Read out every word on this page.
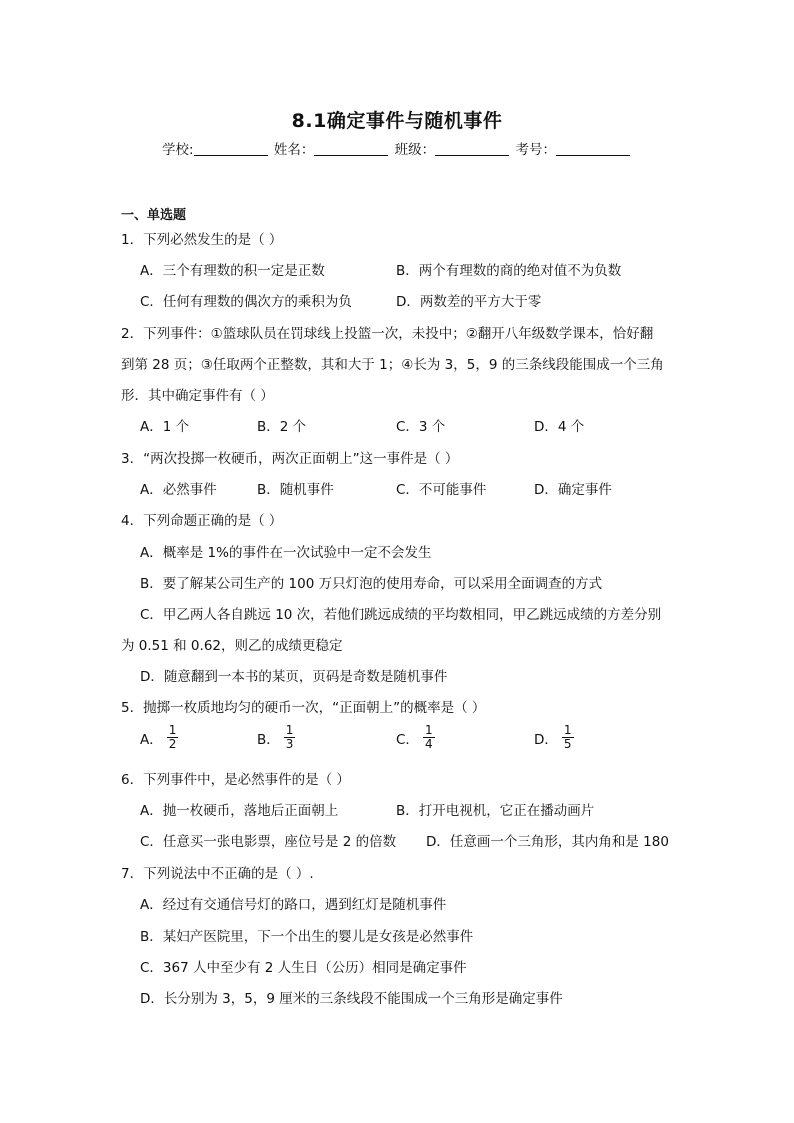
8.1确定事件与随机事件
学校:	姓名：	班级：	考号：
一、单选题
1．下列必然发生的是（ ）
A．三个有理数的积一定是正数	B．两个有理数的商的绝对值不为负数
C．任何有理数的偶次方的乘积为负	D．两数差的平方大于零
2．下列事件：①篮球队员在罚球线上投篮一次，未投中；②翻开八年级数学课本，恰好翻
到第 28 页；③任取两个正整数，其和大于 1；④长为 3，5，9 的三条线段能围成一个三角
形．其中确定事件有（ ）
A．1 个	B．2 个	C．3 个	D．4 个
3．“两次投掷一枚硬币，两次正面朝上”这一事件是（ ）
A．必然事件	B．随机事件	C．不可能事件	D．确定事件
4．下列命题正确的是（ ）
A．概率是 1%的事件在一次试验中一定不会发生
B．要了解某公司生产的 100 万只灯泡的使用寿命，可以采用全面调查的方式
C．甲乙两人各自跳远 10 次，若他们跳远成绩的平均数相同，甲乙跳远成绩的方差分别
为 0.51 和 0.62，则乙的成绩更稳定
D．随意翻到一本书的某页，页码是奇数是随机事件
5．抛掷一枚质地均匀的硬币一次，“正面朝上”的概率是（ ）
A． $\frac{1}{2}$	B． $\frac{1}{3}$	C． $\frac{1}{4}$	D． $\frac{1}{5}$
6．下列事件中，是必然事件的是（ ）
A．抛一枚硬币，落地后正面朝上	B．打开电视机，它正在播动画片
C．任意买一张电影票，座位号是 2 的倍数 D．任意画一个三角形，其内角和是 180
7．下列说法中不正确的是（ ）.
A．经过有交通信号灯的路口，遇到红灯是随机事件
B．某妇产医院里，下一个出生的婴儿是女孩是必然事件
C．367 人中至少有 2 人生日（公历）相同是确定事件
D．长分别为 3，5，9 厘米的三条线段不能围成一个三角形是确定事件
